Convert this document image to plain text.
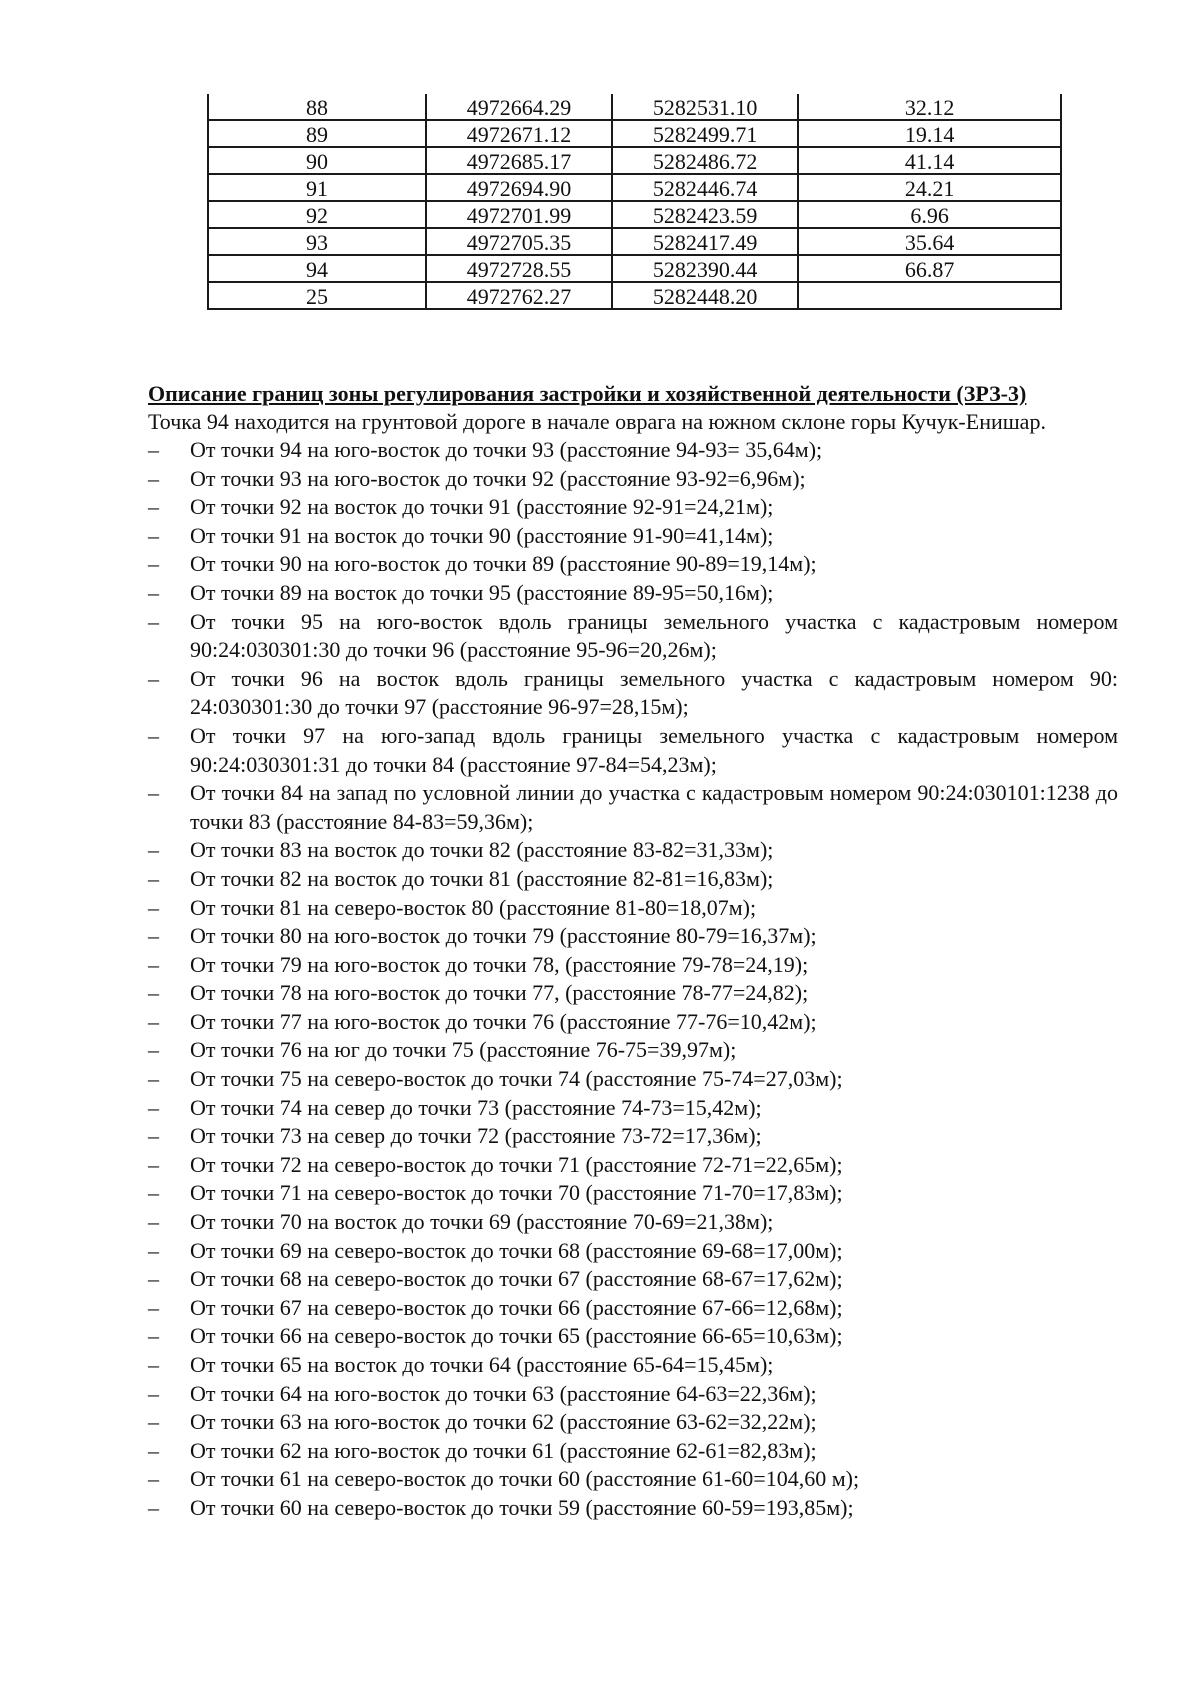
88	4972664.29	5282531.10	32.12
89	4972671.12	5282499.71	19.14
90	4972685.17	5282486.72	41.14
91	4972694.90	5282446.74	24.21
92	4972701.99	5282423.59	6.96
93	4972705.35	5282417.49	35.64
94	4972728.55	5282390.44	66.87
25	4972762.27	5282448.20	

Описание границ зоны регулирования застройки и хозяйственной деятельности (ЗРЗ-3)

Точка 94 находится на грунтовой дороге в начале оврага на южном склоне горы Кучук-Енишар.

–	От точки 94 на юго-восток до точки 93 (расстояние 94-93= 35,64м);
–	От точки 93 на юго-восток до точки 92 (расстояние 93-92=6,96м);
–	От точки 92 на восток до точки 91 (расстояние 92-91=24,21м);
–	От точки 91 на восток до точки 90 (расстояние 91-90=41,14м);
–	От точки 90 на юго-восток до точки 89 (расстояние 90-89=19,14м);
–	От точки 89 на восток до точки 95 (расстояние 89-95=50,16м);
–	От точки 95 на юго-восток вдоль границы земельного участка с кадастровым номером 90:24:030301:30 до точки 96 (расстояние 95-96=20,26м);
–	От точки 96 на восток вдоль границы земельного участка с кадастровым номером 90: 24:030301:30 до точки 97 (расстояние 96-97=28,15м);
–	От точки 97 на юго-запад вдоль границы земельного участка с кадастровым номером 90:24:030301:31 до точки 84 (расстояние 97-84=54,23м);
–	От точки 84 на запад по условной линии до участка с кадастровым номером 90:24:030101:1238 до точки 83 (расстояние 84-83=59,36м);
–	От точки 83 на восток до точки 82 (расстояние 83-82=31,33м);
–	От точки 82 на восток до точки 81 (расстояние 82-81=16,83м);
–	От точки 81 на северо-восток 80 (расстояние 81-80=18,07м);
–	От точки 80 на юго-восток до точки 79 (расстояние 80-79=16,37м);
–	От точки 79 на юго-восток до точки 78, (расстояние 79-78=24,19);
–	От точки 78 на юго-восток до точки 77, (расстояние 78-77=24,82);
–	От точки 77 на юго-восток до точки 76 (расстояние 77-76=10,42м);
–	От точки 76 на юг до точки 75 (расстояние 76-75=39,97м);
–	От точки 75 на северо-восток до точки 74 (расстояние 75-74=27,03м);
–	От точки 74 на север до точки 73 (расстояние 74-73=15,42м);
–	От точки 73 на север до точки 72 (расстояние 73-72=17,36м);
–	От точки 72 на северо-восток до точки 71 (расстояние 72-71=22,65м);
–	От точки 71 на северо-восток до точки 70 (расстояние 71-70=17,83м);
–	От точки 70 на восток до точки 69 (расстояние 70-69=21,38м);
–	От точки 69 на северо-восток до точки 68 (расстояние 69-68=17,00м);
–	От точки 68 на северо-восток до точки 67 (расстояние 68-67=17,62м);
–	От точки 67 на северо-восток до точки 66 (расстояние 67-66=12,68м);
–	От точки 66 на северо-восток до точки 65 (расстояние 66-65=10,63м);
–	От точки 65 на восток до точки 64 (расстояние 65-64=15,45м);
–	От точки 64 на юго-восток до точки 63 (расстояние 64-63=22,36м);
–	От точки 63 на юго-восток до точки 62 (расстояние 63-62=32,22м);
–	От точки 62 на юго-восток до точки 61 (расстояние 62-61=82,83м);
–	От точки 61 на северо-восток до точки 60 (расстояние 61-60=104,60 м);
–	От точки 60 на северо-восток до точки 59 (расстояние 60-59=193,85м);
